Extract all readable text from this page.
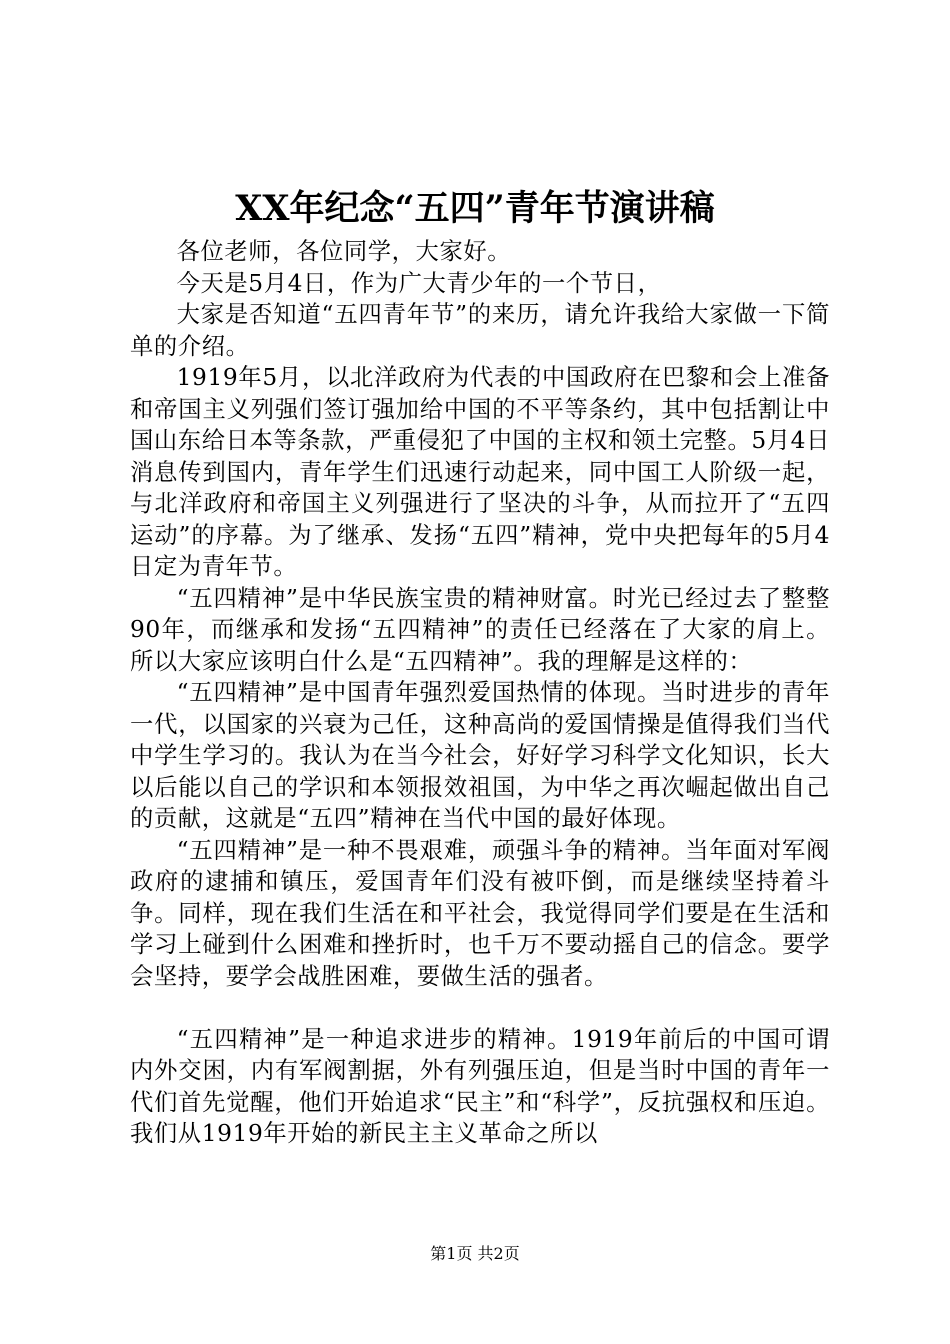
XX年纪念“五四”青年节演讲稿

各位老师，各位同学，大家好。

今天是5月4日，作为广大青少年的一个节日，

大家是否知道“五四青年节”的来历，请允许我给大家做一下简单的介绍。

1919年5月，以北洋政府为代表的中国政府在巴黎和会上准备和帝国主义列强们签订强加给中国的不平等条约，其中包括割让中国山东给日本等条款，严重侵犯了中国的主权和领土完整。5月4日消息传到国内，青年学生们迅速行动起来，同中国工人阶级一起，与北洋政府和帝国主义列强进行了坚决的斗争，从而拉开了“五四运动”的序幕。为了继承、发扬“五四”精神，党中央把每年的5月4日定为青年节。

“五四精神”是中华民族宝贵的精神财富。时光已经过去了整整90年，而继承和发扬“五四精神”的责任已经落在了大家的肩上。所以大家应该明白什么是“五四精神”。我的理解是这样的：

“五四精神”是中国青年强烈爱国热情的体现。当时进步的青年一代，以国家的兴衰为己任，这种高尚的爱国情操是值得我们当代中学生学习的。我认为在当今社会，好好学习科学文化知识，长大以后能以自己的学识和本领报效祖国，为中华之再次崛起做出自己的贡献，这就是“五四”精神在当代中国的最好体现。

“五四精神”是一种不畏艰难，顽强斗争的精神。当年面对军阀政府的逮捕和镇压，爱国青年们没有被吓倒，而是继续坚持着斗争。同样，现在我们生活在和平社会，我觉得同学们要是在生活和学习上碰到什么困难和挫折时，也千万不要动摇自己的信念。要学会坚持，要学会战胜困难，要做生活的强者。

“五四精神”是一种追求进步的精神。1919年前后的中国可谓内外交困，内有军阀割据，外有列强压迫，但是当时中国的青年一代们首先觉醒，他们开始追求“民主”和“科学”，反抗强权和压迫。我们从1919年开始的新民主主义革命之所以

第1页 共2页
